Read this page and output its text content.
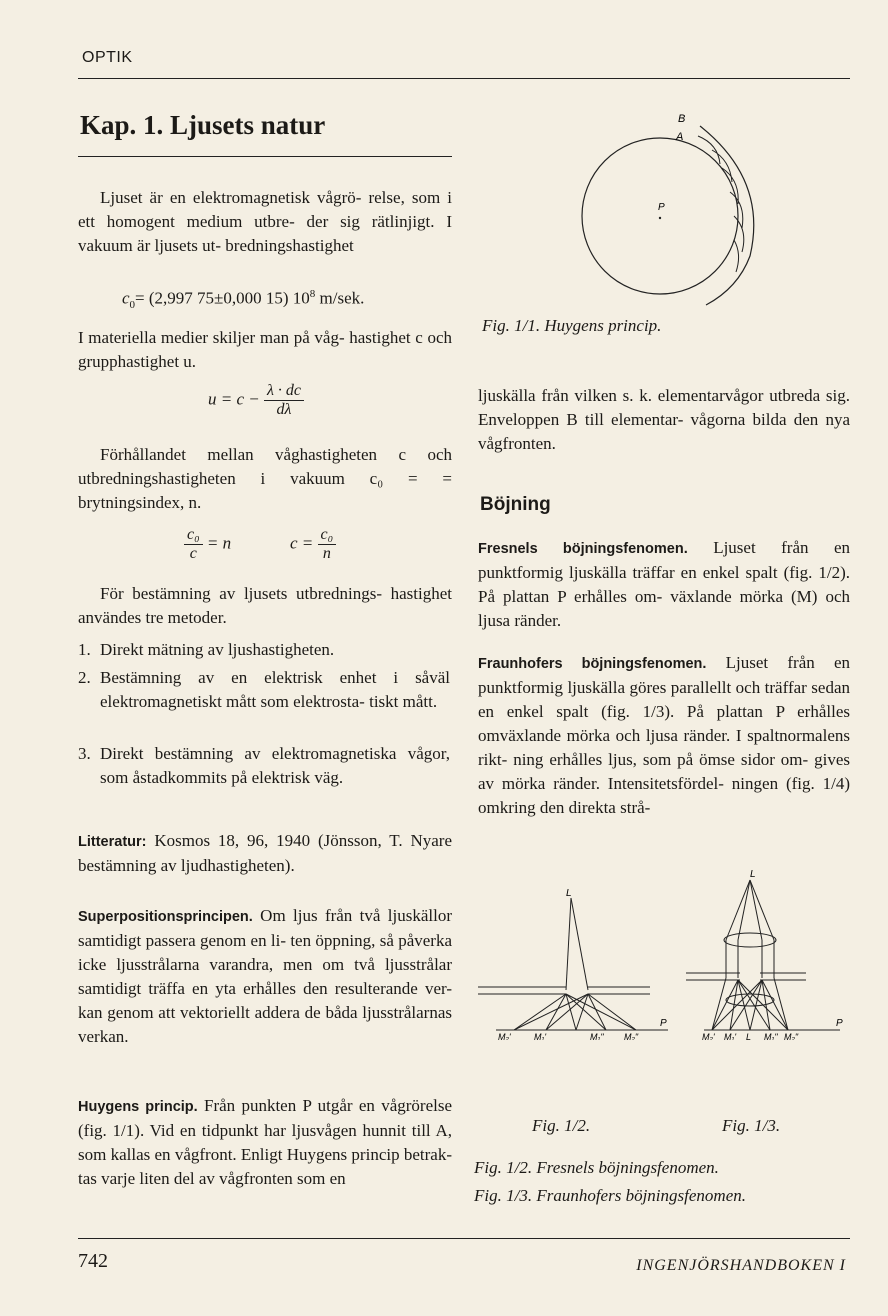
OPTIK
Kap. 1. Ljusets natur
Ljuset är en elektromagnetisk vågrö- relse, som i ett homogent medium utbre- der sig rätlinjigt. I vakuum är ljusets ut- bredningshastighet
$c_0= (2,997$ 75±0,000 15) $10^8$ m/sek.
I materiella medier skiljer man på våg- hastighet c och grupphastighet u.
$u = c - \frac{\lambda \cdot dc}{d\lambda}$
Förhållandet mellan våghastigheten c och utbredningshastigheten i vakuum c₀ = = brytningsindex, n.
$\frac{\text{c₀}}{c} = n$	$c = \frac{\text{c₀}}{n}$
För bestämning av ljusets utbrednings- hastighet användes tre metoder.
1. Direkt mätning av ljushastigheten.
2. Bestämning av en elektrisk enhet i såväl elektromagnetiskt mått som elektrosta- tiskt mått.
3. Direkt bestämning av elektromagnetiska vågor, som åstadkommits på elektrisk väg.
Litteratur: Kosmos 18, 96, 1940 (Jönsson, T. Nyare bestämning av ljudhastigheten).
Superpositionsprincipen. Om ljus från två ljuskällor samtidigt passera genom en li- ten öppning, så påverka icke ljusstrålarna varandra, men om två ljusstrålar samtidigt träffa en yta erhålles den resulterande ver- kan genom att vektoriellt addera de båda ljusstrålarnas verkan.
Huygens princip. Från punkten P utgår en vågrörelse (fig. 1/1). Vid en tidpunkt har ljusvågen hunnit till A, som kallas en vågfront. Enligt Huygens princip betrak- tas varje liten del av vågfronten som en
B
A
P
Fig. 1/1. Huygens princip.
ljuskälla från vilken s. k. elementarvågor utbreda sig. Enveloppen B till elementar- vågorna bilda den nya vågfronten.
Böjning
Fresnels böjningsfenomen. Ljuset från en punktformig ljuskälla träffar en enkel spalt (fig. 1/2). På plattan P erhålles om- växlande mörka (M) och ljusa ränder.
Fraunhofers böjningsfenomen. Ljuset från en punktformig ljuskälla göres parallellt och träffar sedan en enkel spalt (fig. 1/3). På plattan P erhålles omväxlande mörka och ljusa ränder. I spaltnormalens rikt- ning erhålles ljus, som på ömse sidor om- gives av mörka ränder. Intensitetsfördel- ningen (fig. 1/4) omkring den direkta strå-
L
P
M₂'	M₁'	M₁" M₂"
Fig. 1/2.
L
P
M₂' M₁' L M₁" M₂"
Fig. 1/3.
Fig. 1/2. Fresnels böjningsfenomen.
Fig. 1/3. Fraunhofers böjningsfenomen.
742	INGENJÖRSHANDBOKEN I
